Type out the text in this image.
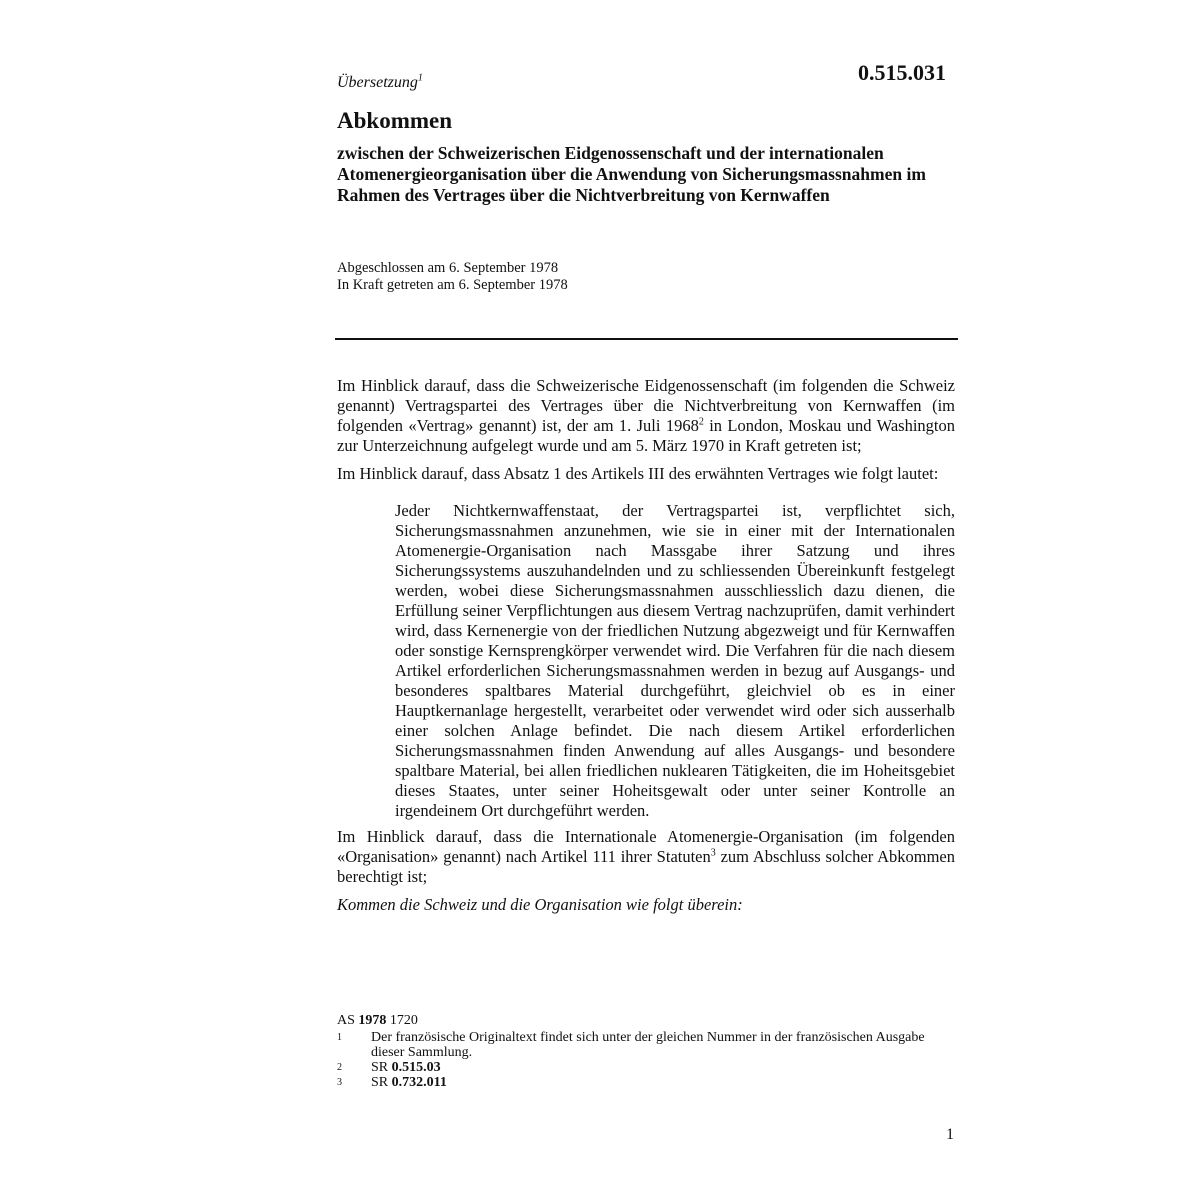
Übersetzung$^1$	0.515.031
Abkommen
zwischen der Schweizerischen Eidgenossenschaft und der internationalen Atomenergieorganisation über die Anwendung von Sicherungsmassnahmen im Rahmen des Vertrages über die Nichtverbreitung von Kernwaffen
Abgeschlossen am 6. September 1978
In Kraft getreten am 6. September 1978

Im Hinblick darauf, dass die Schweizerische Eidgenossenschaft (im folgenden die Schweiz genannt) Vertragspartei des Vertrages über die Nichtverbreitung von Kernwaffen (im folgenden «Vertrag» genannt) ist, der am 1. Juli 1968$^2$ in London, Moskau und Washington zur Unterzeichnung aufgelegt wurde und am 5. März 1970 in Kraft getreten ist;

Im Hinblick darauf, dass Absatz 1 des Artikels III des erwähnten Vertrages wie folgt lautet:

Jeder Nichtkernwaffenstaat, der Vertragspartei ist, verpflichtet sich, Sicherungsmassnahmen anzunehmen, wie sie in einer mit der Internationalen Atomenergie-Organisation nach Massgabe ihrer Satzung und ihres Sicherungssystems auszuhandelnden und zu schliessenden Übereinkunft festgelegt werden, wobei diese Sicherungsmassnahmen ausschliesslich dazu dienen, die Erfüllung seiner Verpflichtungen aus diesem Vertrag nachzuprüfen, damit verhindert wird, dass Kernenergie von der friedlichen Nutzung abgezweigt und für Kernwaffen oder sonstige Kernsprengkörper verwendet wird. Die Verfahren für die nach diesem Artikel erforderlichen Sicherungsmassnahmen werden in bezug auf Ausgangs- und besonderes spaltbares Material durchgeführt, gleichviel ob es in einer Hauptkernanlage hergestellt, verarbeitet oder verwendet wird oder sich ausserhalb einer solchen Anlage befindet. Die nach diesem Artikel erforderlichen Sicherungsmassnahmen finden Anwendung auf alles Ausgangs- und besondere spaltbare Material, bei allen friedlichen nuklearen Tätigkeiten, die im Hoheitsgebiet dieses Staates, unter seiner Hoheitsgewalt oder unter seiner Kontrolle an irgendeinem Ort durchgeführt werden.

Im Hinblick darauf, dass die Internationale Atomenergie-Organisation (im folgenden «Organisation» genannt) nach Artikel 111 ihrer Statuten$^3$ zum Abschluss solcher Abkommen berechtigt ist;

Kommen die Schweiz und die Organisation wie folgt überein:

AS 1978 1720
1	Der französische Originaltext findet sich unter der gleichen Nummer in der französischen Ausgabe dieser Sammlung.
2	SR 0.515.03
3	SR 0.732.011
1
